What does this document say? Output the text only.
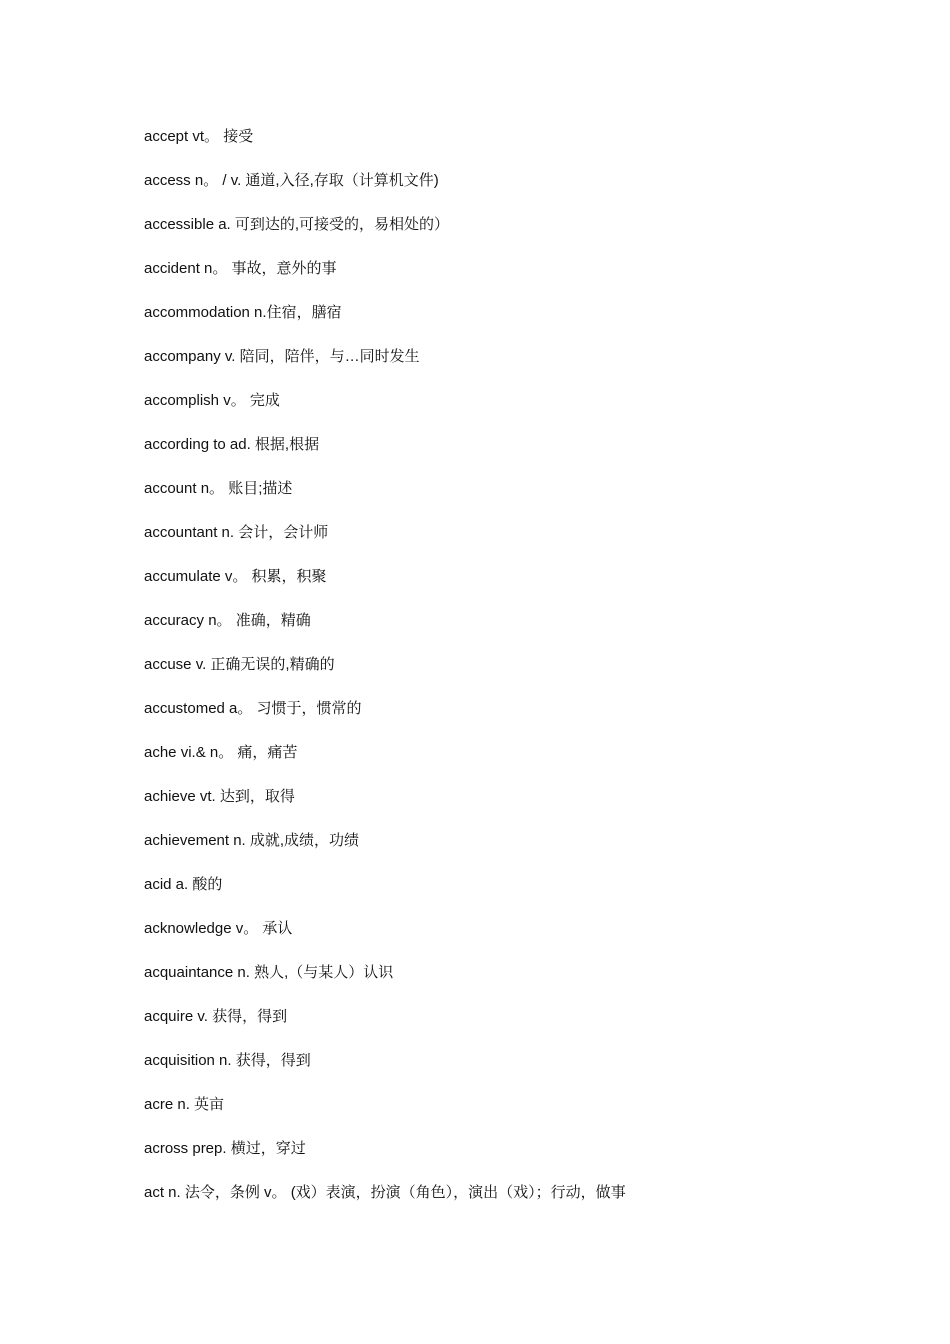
accept vt。 接受
access n。 / v. 通道,入径,存取（计算机文件)
accessible a. 可到达的,可接受的，易相处的）
accident n。 事故，意外的事
accommodation n.住宿，膳宿
accompany v. 陪同，陪伴，与…同时发生
accomplish v。 完成
according to ad. 根据,根据
account n。 账目;描述
accountant n. 会计，会计师
accumulate v。 积累，积聚
accuracy n。 准确，精确
accuse v. 正确无误的,精确的
accustomed a。 习惯于，惯常的
ache vi.& n。 痛，痛苦
achieve vt. 达到，取得
achievement n. 成就,成绩，功绩
acid a. 酸的
acknowledge v。 承认
acquaintance n. 熟人,（与某人）认识
acquire v. 获得，得到
acquisition n. 获得，得到
acre n. 英亩
across prep. 横过，穿过
act n. 法令，条例 v。 (戏）表演，扮演（角色），演出（戏）；行动，做事
